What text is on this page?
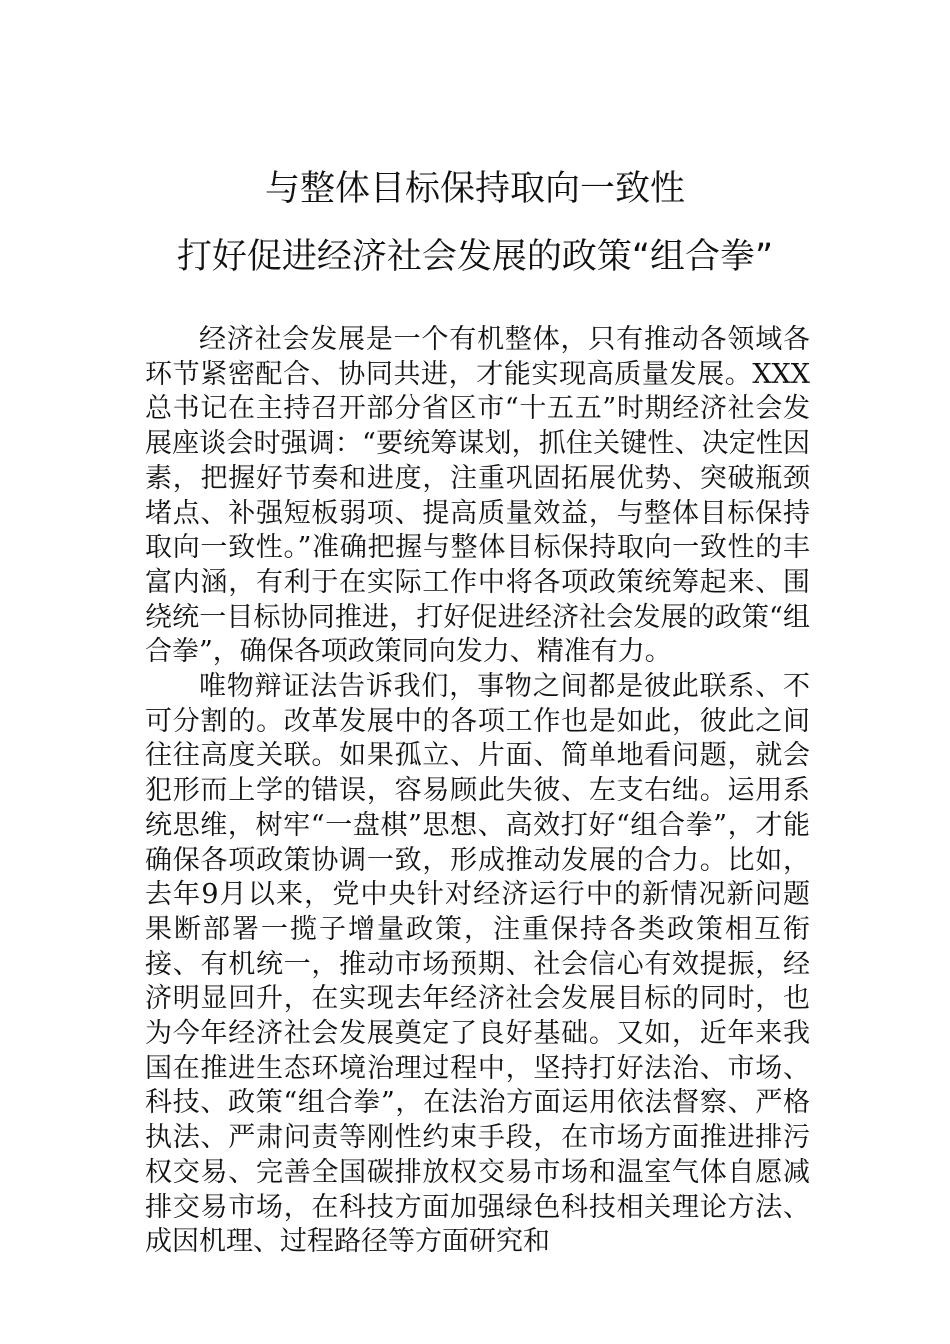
与整体目标保持取向一致性
打好促进经济社会发展的政策“组合拳”

经济社会发展是一个有机整体，只有推动各领域各环节紧密配合、协同共进，才能实现高质量发展。XXX总书记在主持召开部分省区市“十五五”时期经济社会发展座谈会时强调：“要统筹谋划，抓住关键性、决定性因素，把握好节奏和进度，注重巩固拓展优势、突破瓶颈堵点、补强短板弱项、提高质量效益，与整体目标保持取向一致性。”准确把握与整体目标保持取向一致性的丰富内涵，有利于在实际工作中将各项政策统筹起来、围绕统一目标协同推进，打好促进经济社会发展的政策“组合拳”，确保各项政策同向发力、精准有力。

唯物辩证法告诉我们，事物之间都是彼此联系、不可分割的。改革发展中的各项工作也是如此，彼此之间往往高度关联。如果孤立、片面、简单地看问题，就会犯形而上学的错误，容易顾此失彼、左支右绌。运用系统思维，树牢“一盘棋”思想、高效打好“组合拳”，才能确保各项政策协调一致，形成推动发展的合力。比如，去年9月以来，党中央针对经济运行中的新情况新问题果断部署一揽子增量政策，注重保持各类政策相互衔接、有机统一，推动市场预期、社会信心有效提振，经济明显回升，在实现去年经济社会发展目标的同时，也为今年经济社会发展奠定了良好基础。又如，近年来我国在推进生态环境治理过程中，坚持打好法治、市场、科技、政策“组合拳”，在法治方面运用依法督察、严格执法、严肃问责等刚性约束手段，在市场方面推进排污权交易、完善全国碳排放权交易市场和温室气体自愿减排交易市场，在科技方面加强绿色科技相关理论方法、成因机理、过程路径等方面研究和
